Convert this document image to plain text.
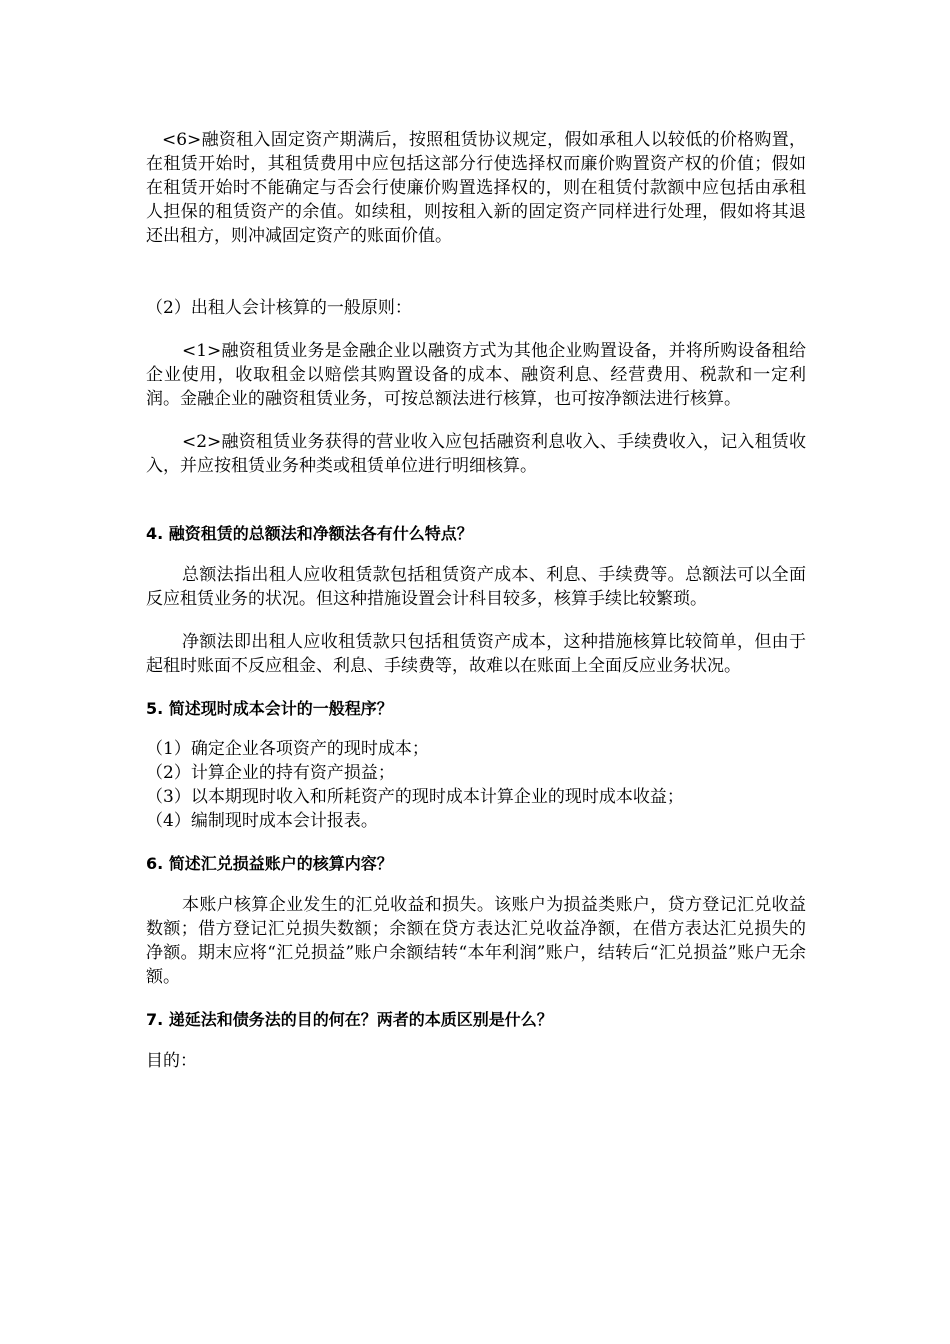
<6>融资租入固定资产期满后，按照租赁协议规定，假如承租人以较低的价格购置，在租赁开始时，其租赁费用中应包括这部分行使选择权而廉价购置资产权的价值；假如在租赁开始时不能确定与否会行使廉价购置选择权的，则在租赁付款额中应包括由承租人担保的租赁资产的余值。如续租，则按租入新的固定资产同样进行处理，假如将其退还出租方，则冲减固定资产的账面价值。

（2）出租人会计核算的一般原则：

<1>融资租赁业务是金融企业以融资方式为其他企业购置设备，并将所购设备租给企业使用，收取租金以赔偿其购置设备的成本、融资利息、经营费用、税款和一定利润。金融企业的融资租赁业务，可按总额法进行核算，也可按净额法进行核算。

<2>融资租赁业务获得的营业收入应包括融资利息收入、手续费收入，记入租赁收入，并应按租赁业务种类或租赁单位进行明细核算。

4. 融资租赁的总额法和净额法各有什么特点？

总额法指出租人应收租赁款包括租赁资产成本、利息、手续费等。总额法可以全面反应租赁业务的状况。但这种措施设置会计科目较多，核算手续比较繁琐。

净额法即出租人应收租赁款只包括租赁资产成本，这种措施核算比较简单，但由于起租时账面不反应租金、利息、手续费等，故难以在账面上全面反应业务状况。

5. 简述现时成本会计的一般程序？

（1）确定企业各项资产的现时成本；

（2）计算企业的持有资产损益；

（3）以本期现时收入和所耗资产的现时成本计算企业的现时成本收益；

（4）编制现时成本会计报表。

6. 简述汇兑损益账户的核算内容？

本账户核算企业发生的汇兑收益和损失。该账户为损益类账户，贷方登记汇兑收益数额；借方登记汇兑损失数额；余额在贷方表达汇兑收益净额，在借方表达汇兑损失的净额。期末应将“汇兑损益”账户余额结转“本年利润”账户，结转后“汇兑损益”账户无余额。

7. 递延法和债务法的目的何在？两者的本质区别是什么？

目的：
